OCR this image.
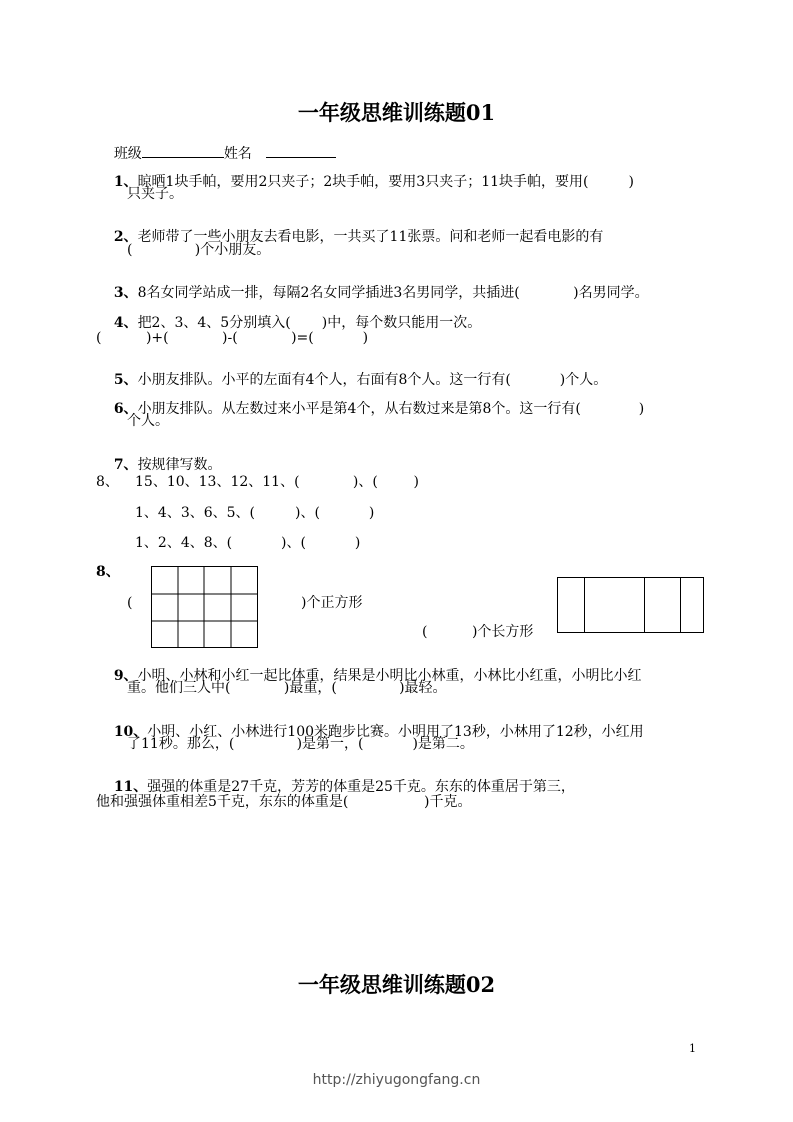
一年级思维训练题01

班级	姓名

1、晾晒1块手帕，要用2只夹子；2块手帕，要用3只夹子；11块手帕，要用(         )

只夹子。

2、老师带了一些小朋友去看电影，一共买了11张票。问和老师一起看电影的有

(              )个小朋友。

3、8名女同学站成一排，每隔2名女同学插进3名男同学，共插进(            )名男同学。

4、把2、3、4、5分别填入(       )中，每个数只能用一次。

(          )+(            )-(            )=(           )

5、小朋友排队。小平的左面有4个人，右面有8个人。这一行有(           )个人。

6、小朋友排队。从左数过来小平是第4个，从右数过来是第8个。这一行有(             )

个人。

7、按规律写数。

8、 15、10、13、12、11、(            )、(        )
1、4、3、6、5、(         )、(           )
1、2、4、8、(           )、(           )
8、
(	)个正方形
(          )个长方形

9、小明、小林和小红一起比体重，结果是小明比小林重，小林比小红重，小明比小红

重。他们三人中(            )最重，(              )最轻。

10、小明、小红、小林进行100米跑步比赛。小明用了13秒，小林用了12秒，小红用

了11秒。那么，(              )是第一，(           )是第二。

11、强强的体重是27千克，芳芳的体重是25千克。东东的体重居于第三，

他和强强体重相差5千克，东东的体重是(                 )千克。
一年级思维训练题02
1
http://zhiyugongfang.cn
